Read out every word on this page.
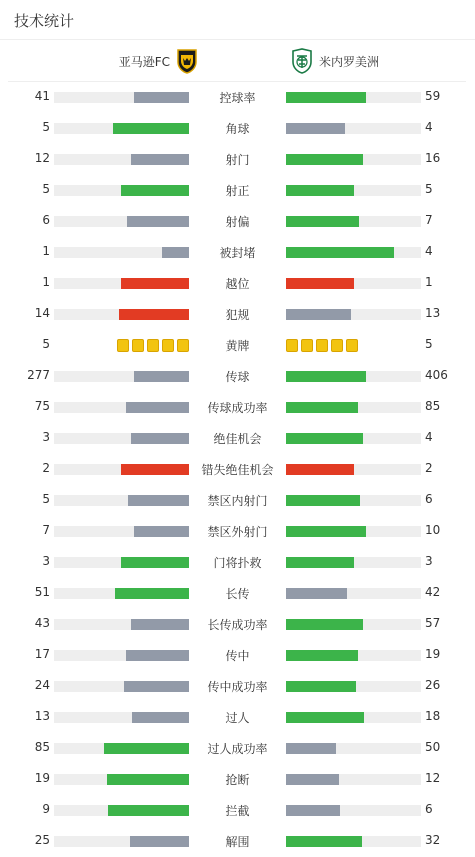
技术统计
亚马逊FC	米内罗美洲
41	控球率	59
5	角球	4
12	射门	16
5	射正	5
6	射偏	7
1	被封堵	4
1	越位	1
14	犯规	13
5	黄牌	5
277	传球	406
75	传球成功率	85
3	绝佳机会	4
2	错失绝佳机会	2
5	禁区内射门	6
7	禁区外射门	10
3	门将扑救	3
51	长传	42
43	长传成功率	57
17	传中	19
24	传中成功率	26
13	过人	18
85	过人成功率	50
19	抢断	12
9	拦截	6
25	解围	32
